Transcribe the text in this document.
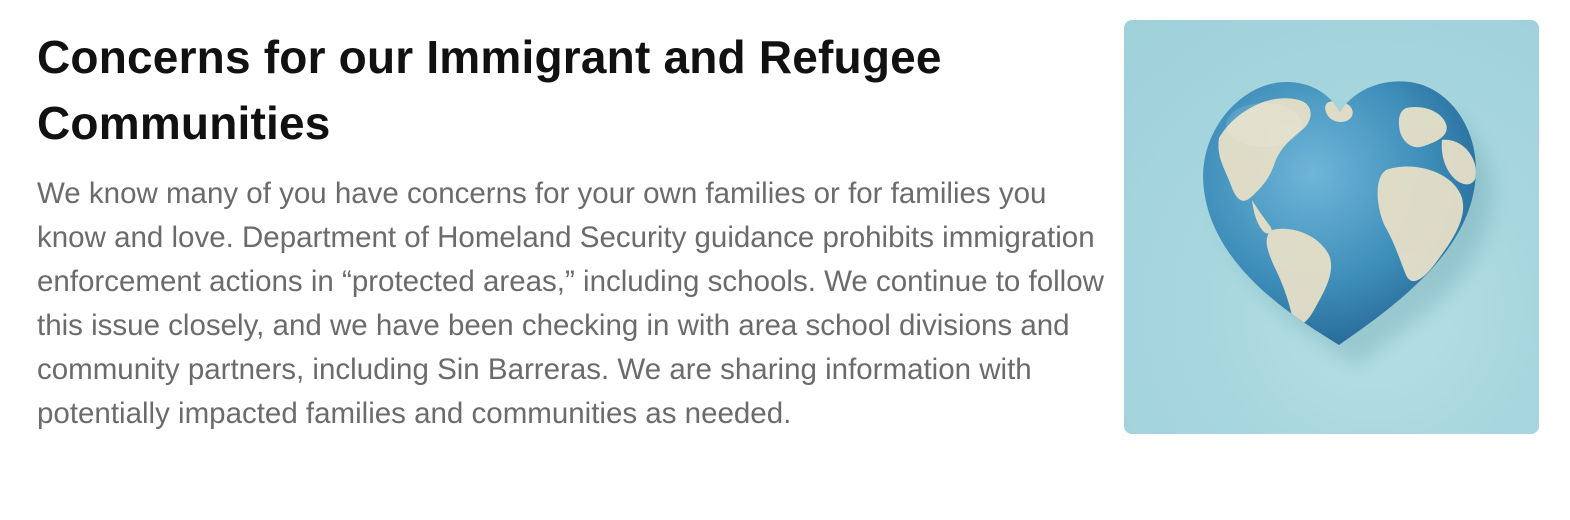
Concerns for our Immigrant and Refugee Communities

We know many of you have concerns for your own families or for families you know and love. Department of Homeland Security guidance prohibits immigration enforcement actions in “protected areas,” including schools. We continue to follow this issue closely, and we have been checking in with area school divisions and community partners, including Sin Barreras. We are sharing information with potentially impacted families and communities as needed.
